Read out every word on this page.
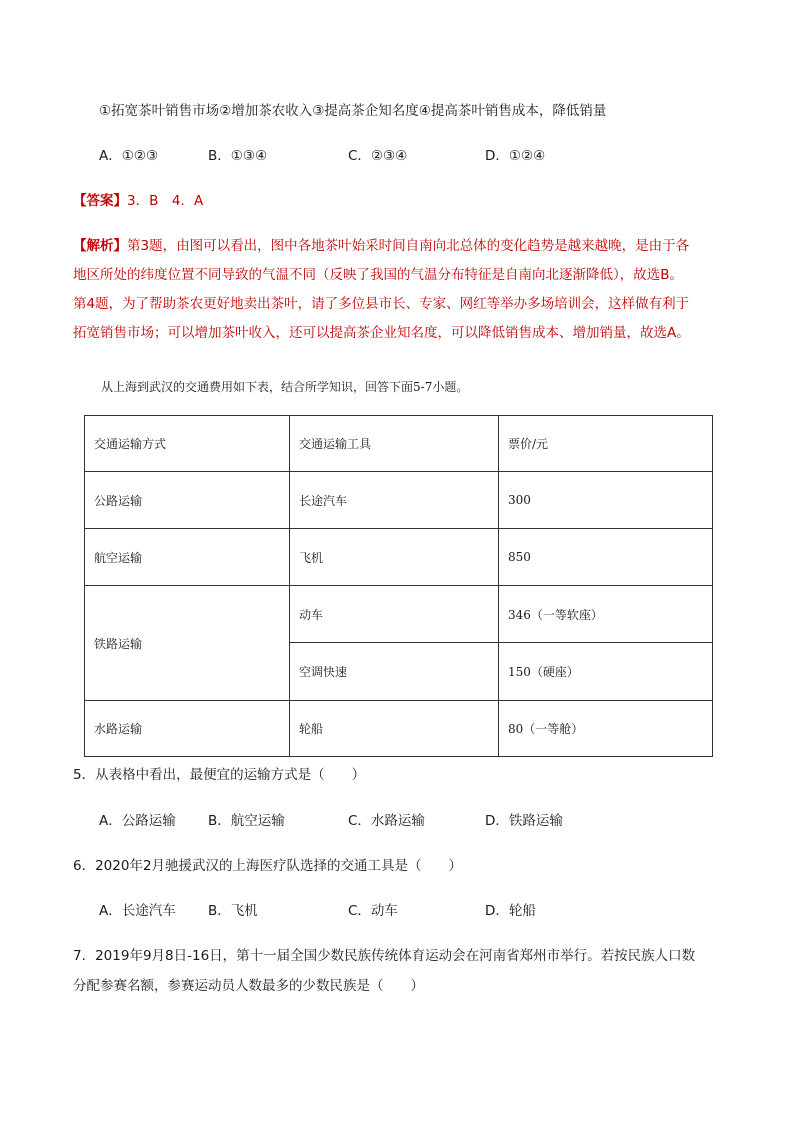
①拓宽茶叶销售市场②增加茶农收入③提高茶企知名度④提高茶叶销售成本，降低销量
A．①②③	B．①③④	C．②③④	D．①②④
【答案】3．B　4．A

【解析】第3题，由图可以看出，图中各地茶叶始采时间自南向北总体的变化趋势是越来越晚，是由于各

地区所处的纬度位置不同导致的气温不同（反映了我国的气温分布特征是自南向北逐渐降低），故选B。

第4题，为了帮助茶农更好地卖出茶叶，请了多位县市长、专家、网红等举办多场培训会，这样做有利于

拓宽销售市场；可以增加茶叶收入，还可以提高茶企业知名度，可以降低销售成本、增加销量，故选A。

从上海到武汉的交通费用如下表，结合所学知识，回答下面5-7小题。
交通运输方式	交通运输工具	票价/元
公路运输	长途汽车	300
航空运输	飞机	850
铁路运输	动车	346（一等软座）
	空调快速	150（硬座）
水路运输	轮船	80（一等舱）
5．从表格中看出，最便宜的运输方式是（　　）
A．公路运输 B．航空运输	C．水路运输	D．铁路运输
6．2020年2月驰援武汉的上海医疗队选择的交通工具是（　　）
A．长途汽车 B．飞机	C．动车	D．轮船
7．2019年9月8日-16日，第十一届全国少数民族传统体育运动会在河南省郑州市举行。若按民族人口数
分配参赛名额，参赛运动员人数最多的少数民族是（　　）
